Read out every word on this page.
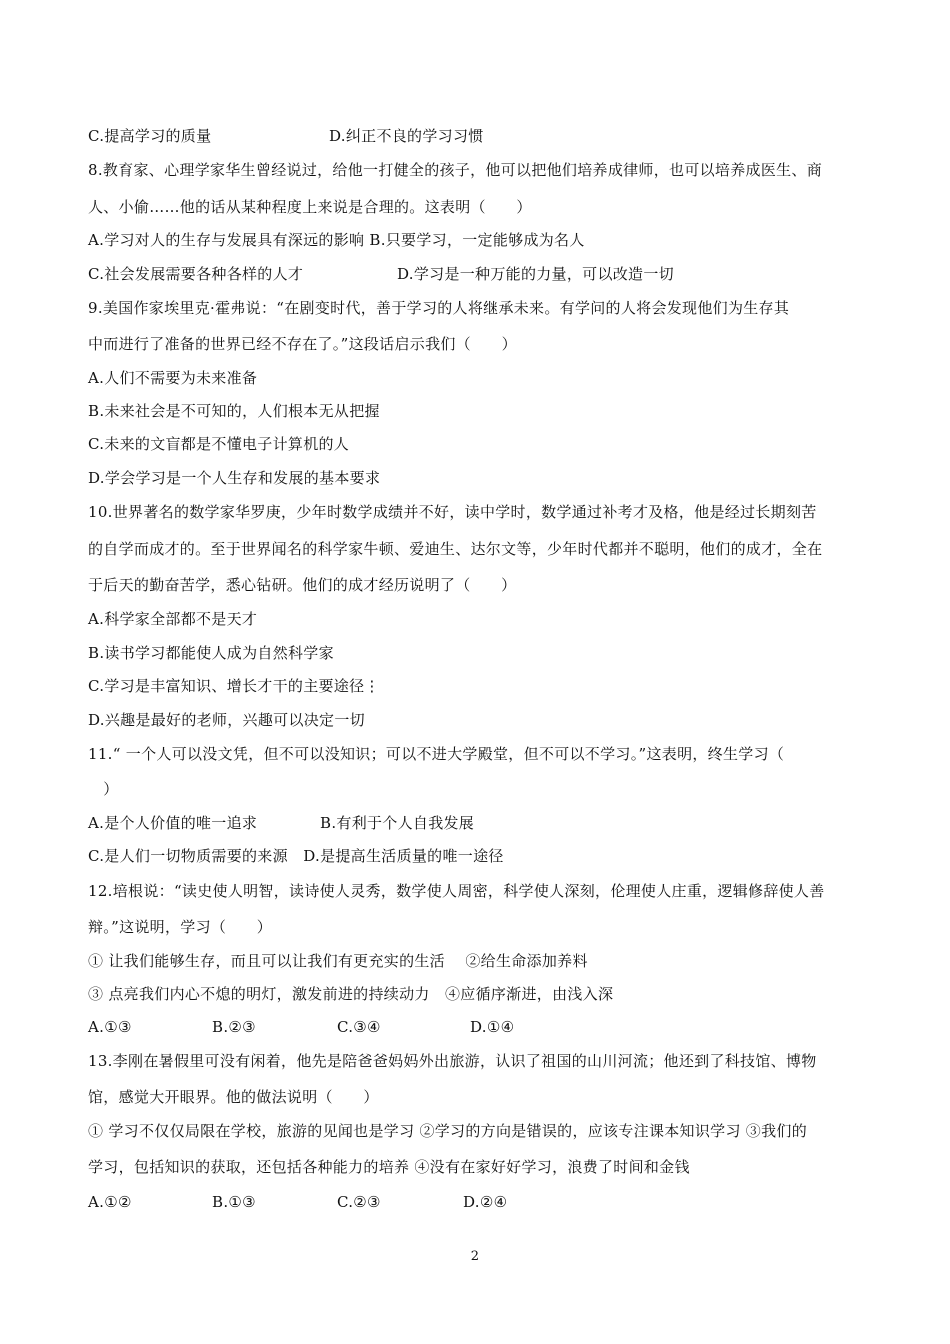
C.提高学习的质量	D.纠正不良的学习习惯
8.教育家、心理学家华生曾经说过，给他一打健全的孩子，他可以把他们培养成律师，也可以培养成医生、商
人、小偷……他的话从某种程度上来说是合理的。这表明（　　）
A.学习对人的生存与发展具有深远的影响 B.只要学习，一定能够成为名人
C.社会发展需要各种各样的人才	D.学习是一种万能的力量，可以改造一切
9.美国作家埃里克·霍弗说：“在剧变时代，善于学习的人将继承未来。有学问的人将会发现他们为生存其
中而进行了准备的世界已经不存在了。”这段话启示我们（　　）
A.人们不需要为未来准备
B.未来社会是不可知的，人们根本无从把握
C.未来的文盲都是不懂电子计算机的人
D.学会学习是一个人生存和发展的基本要求
10.世界著名的数学家华罗庚，少年时数学成绩并不好，读中学时，数学通过补考才及格，他是经过长期刻苦
的自学而成才的。至于世界闻名的科学家牛顿、爱迪生、达尔文等，少年时代都并不聪明，他们的成才，全在
于后天的勤奋苦学，悉心钻研。他们的成才经历说明了（　　）
A.科学家全部都不是天才
B.读书学习都能使人成为自然科学家
C.学习是丰富知识、增长才干的主要途径⋮
D.兴趣是最好的老师，兴趣可以决定一切
11.“ 一个人可以没文凭，但不可以没知识；可以不进大学殿堂，但不可以不学习。”这表明，终生学习（
　）
A.是个人价值的唯一追求	B.有利于个人自我发展
C.是人们一切物质需要的来源　D.是提高生活质量的唯一途径
12.培根说：“读史使人明智，读诗使人灵秀，数学使人周密，科学使人深刻，伦理使人庄重，逻辑修辞使人善
辩。”这说明，学习（　　）
① 让我们能够生存，而且可以让我们有更充实的生活　 ②给生命添加养料
③ 点亮我们内心不熄的明灯，激发前进的持续动力　④应循序渐进，由浅入深
A.①③	B.②③	C.③④	D.①④
13.李刚在暑假里可没有闲着，他先是陪爸爸妈妈外出旅游，认识了祖国的山川河流；他还到了科技馆、博物
馆，感觉大开眼界。他的做法说明（　　）
① 学习不仅仅局限在学校，旅游的见闻也是学习 ②学习的方向是错误的，应该专注课本知识学习 ③我们的
学习，包括知识的获取，还包括各种能力的培养 ④没有在家好好学习，浪费了时间和金钱
A.①②	B.①③	C.②③	D.②④
2
